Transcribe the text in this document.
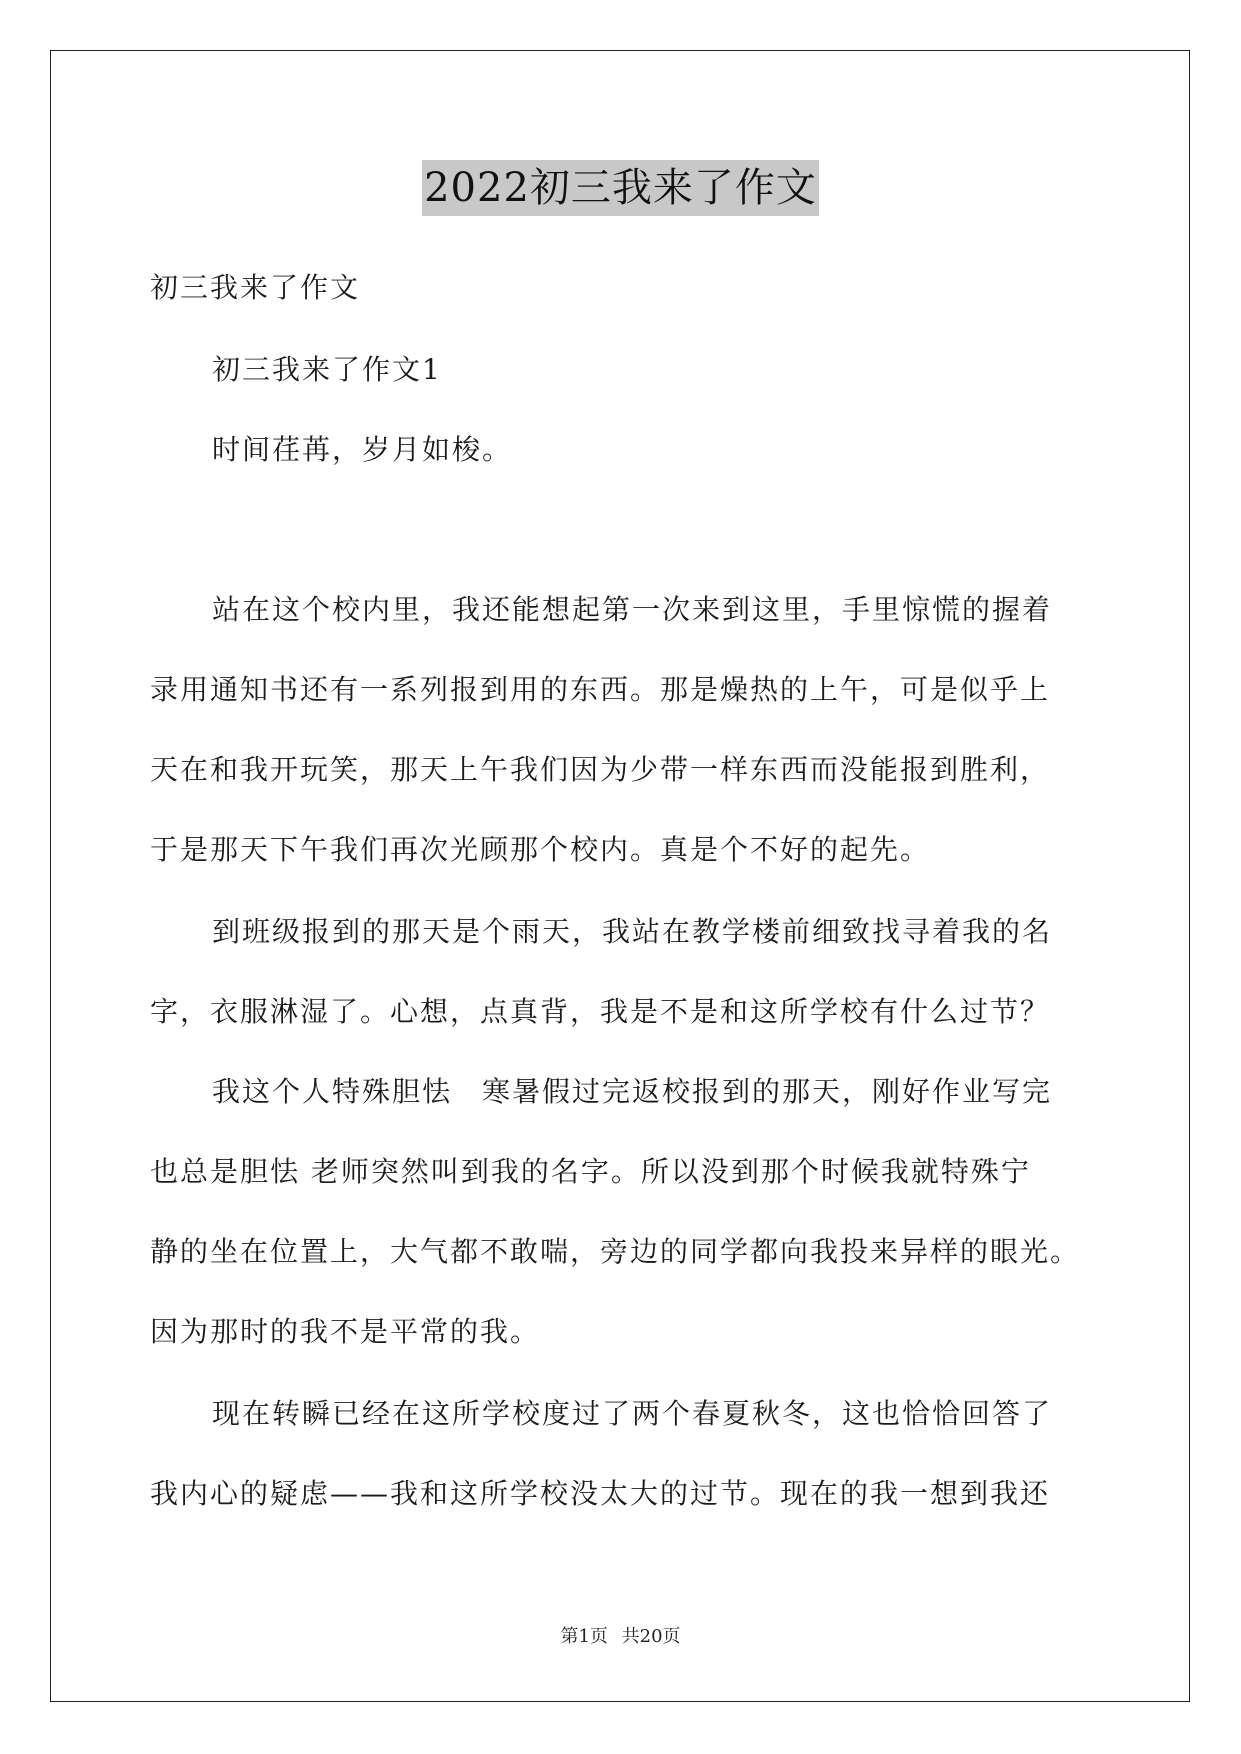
2022初三我来了作文
初三我来了作文
初三我来了作文1
时间荏苒，岁月如梭。
站在这个校内里，我还能想起第一次来到这里，手里惊慌的握着
录用通知书还有一系列报到用的东西。那是燥热的上午，可是似乎上
天在和我开玩笑，那天上午我们因为少带一样东西而没能报到胜利，
于是那天下午我们再次光顾那个校内。真是个不好的起先。
到班级报到的那天是个雨天，我站在教学楼前细致找寻着我的名
字，衣服淋湿了。心想，点真背，我是不是和这所学校有什么过节？
我这个人特殊胆怯　寒暑假过完返校报到的那天，刚好作业写完
也总是胆怯 老师突然叫到我的名字。所以没到那个时候我就特殊宁
静的坐在位置上，大气都不敢喘，旁边的同学都向我投来异样的眼光。
因为那时的我不是平常的我。
现在转瞬已经在这所学校度过了两个春夏秋冬，这也恰恰回答了
我内心的疑虑——我和这所学校没太大的过节。现在的我一想到我还
第1页 共20页
